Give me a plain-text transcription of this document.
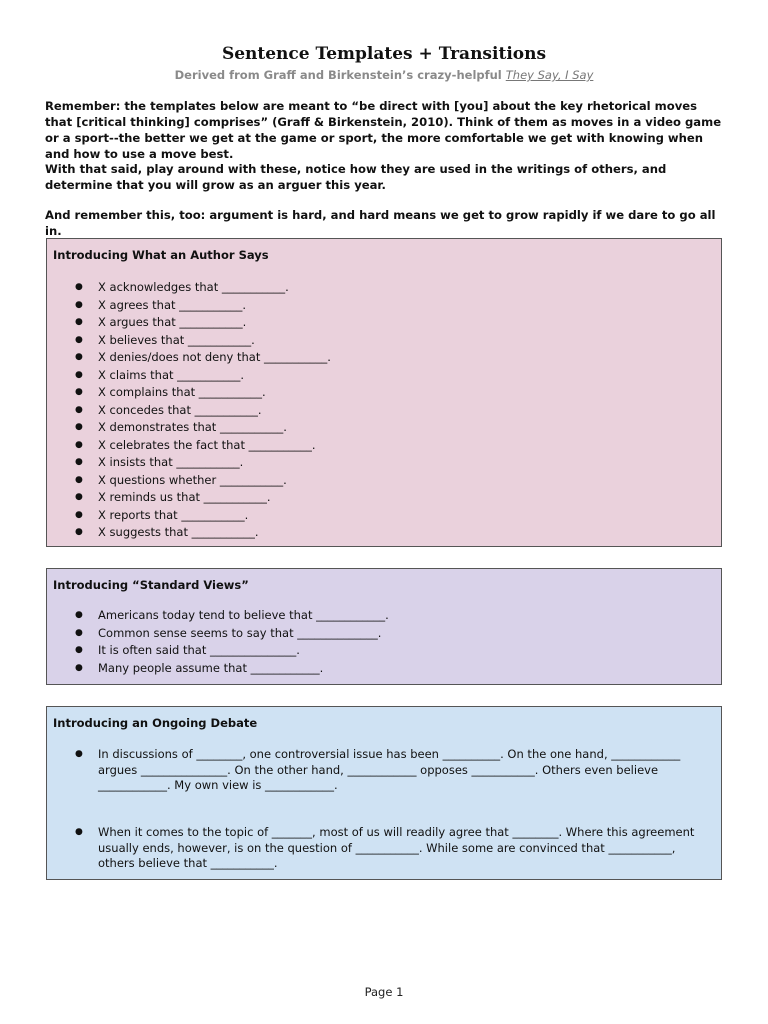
Sentence Templates + Transitions
Derived from Graff and Birkenstein’s crazy-helpful They Say, I Say
Remember: the templates below are meant to “be direct with [you] about the key rhetorical moves that [critical thinking] comprises” (Graff & Birkenstein, 2010). Think of them as moves in a video game or a sport--the better we get at the game or sport, the more comfortable we get with knowing when and how to use a move best.
With that said, play around with these, notice how they are used in the writings of others, and determine that you will grow as an arguer this year.
And remember this, too: argument is hard, and hard means we get to grow rapidly if we dare to go all in.
Introducing What an Author Says
● X acknowledges that ___________.
● X agrees that ___________.
● X argues that ___________.
● X believes that ___________.
● X denies/does not deny that ___________.
● X claims that ___________.
● X complains that ___________.
● X concedes that ___________.
● X demonstrates that ___________.
● X celebrates the fact that ___________.
● X insists that ___________.
● X questions whether ___________.
● X reminds us that ___________.
● X reports that ___________.
● X suggests that ___________.
Introducing “Standard Views”
● Americans today tend to believe that ____________.
● Common sense seems to say that ______________.
● It is often said that _______________.
● Many people assume that ____________.
Introducing an Ongoing Debate
● In discussions of ________, one controversial issue has been __________. On the one hand, ____________ argues _______________. On the other hand, ____________ opposes ___________. Others even believe ____________. My own view is ____________.
● When it comes to the topic of _______, most of us will readily agree that ________. Where this agreement usually ends, however, is on the question of ___________. While some are convinced that ___________, others believe that ___________.
Page 1
